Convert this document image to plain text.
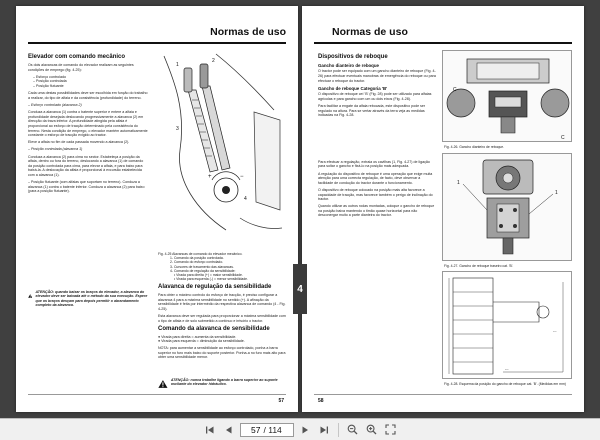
Normas de uso
Elevador com comando mecânico

Os dois alavancas de comando do elevador realizam as seguintes condições de emprego (fig. 4-25):

– Esforço controlado
– Posição controlada
– Posição flutuante

Cada uma destas possibilidades deve ser escolhida em função do trabalho a realizar, do tipo de alfaia e da consistência (profundidade) do terreno.

– Esforço controlado (alavanca 2)

Conduza a alavanca (1) contra o batente superior e entere a alfaia e profundidade desejada deslocando progressivamente a alavanca (2) em direcção da trava inferior. A profundidade atingida pela alfaia é proporcional ao esforço de tracção determinado pela consistência do terreno. Nesta condição de emprego, o elevador mantém automaticamente constante o esforço de tracção exigido ao tractor.

Eleve a alfaia no fim de cada passada movendo a alavanca (2).

– Posição controlada (alavanca 1)

Conduza a alavanca (2) para cima no sector. Estabeleça a posição da alfaia, dentro ou fora do terreno, deslocando a alavanca (1) de comando da posição controlada para cima, para elevar a alfaia, e para baixo para baixá-la. A deslocação da alfaia é proporcional à excursão estabelecida com a alavanca (1).

– Posição flutuante (com alfaias que suportam no terreno). Conduza a alavanca (1) contra o batente inferior. Conduza a alavanca (2) para baixo (para a posição flutuante).

ATENÇÃO: quando baixar os braços do elevador, a alavanca do elevador deve ser baixada até o método da sua execução. Espere que os braços desçam para depois permitir o abrandamento completo da alavanca.
+	−
1
2
3
4
Fig. 4-25 Alavancas de comando do elevador mecânico.
1- Comando da posição controlada.
2- Comando do esforço controlado.
3- Cursores de travamento das alavancas.
4- Comando de regulação da sensibilidade:
• Virada para direita (+) = maior sensibilidade.
• Virada para esquerda (-) = menor sensibilidade.
Alavanca de regulação da sensibilidade

Para obter o máximo controlo do esforço de tracção, é preciso configurar a alavanca 4 para a máxima sensibilidade no sentido (+). A afinação da sensibilidade é feita por intermédio da respectiva alavanca de comando (4 - Fig. 4-25).

Esta alavanca deve ser regulada para proporcionar a máxima sensibilidade com o tipo de alfaia e de solo submetido a contínuo e irrisório o tractor.

Comando da alavanca de sensibilidade
● Virada para direita = aumenta da sensibilidade.
● Virada para esquerda = diminuição da sensibilidade.

NOTA: para aumentar a sensibilidade ao esforço controlado, ponha a barra superior no furo mais baixo do suporte posterior. Ponha-a no furo mais alto para obter uma sensibilidade menor.

ATENÇÃO: nunca trabalhe ligando a barra superior ao suporte oscilante do elevador hidráulico.
57
4
Normas de uso
Dispositivos de reboque
Gancho dianteiro de reboque

O tractor pode ser equipado com um gancho dianteiro de reboque (Fig. 4-26) para efectuar eventuais manobras de emergência do reboque ou para efectuar o reboque do tractor.

Gancho de reboque Categoria 'B'

O dispositivo de reboque ceí 'B' (Fig. 28) pode ser utilizado para alfaias agrícolas e para gancho com um ou dois eixos (Fig. 4-28).

Para facilitar a engate da alfaia rebocada, este dispositivo pode ser regulado na altura. Para se vertar através da terra veja as medidas indicadas na Fig. 4-28.

Para efectuar a regulação, extraia os cavilhas (1, Fig. 4-27) de ligação para soltar o gancho e fixá-lo na posição mais adequada.

A regulação do dispositivo de reboque é uma operação que exige muita atenção para uma correcta regulação, de facto, deve observar a facilidade de condução do tractor durante o funcionamento.

O dispositivo de reboque colocado na posição mais alta favorece a capacidade de tracção, mas favorece também o perigo de inclinação do tractor.

Quando utilizar as outros rodas montadas, coloque o gancho de reboque na posição baixa mantendo o timão quase horizontal para não desconergar muito a parte dianteira do tractor.

C
C
Fig. 4-26. Gancho dianteiro de reboque.
1
1
Fig. 4-27. Gancho de reboque traseiro cat. 'B'.
---
---
Fig. 4-28. Esquema da posição do gancho de reboque cat. 'B'. (Medidas em mm)
58
57
/ 114
